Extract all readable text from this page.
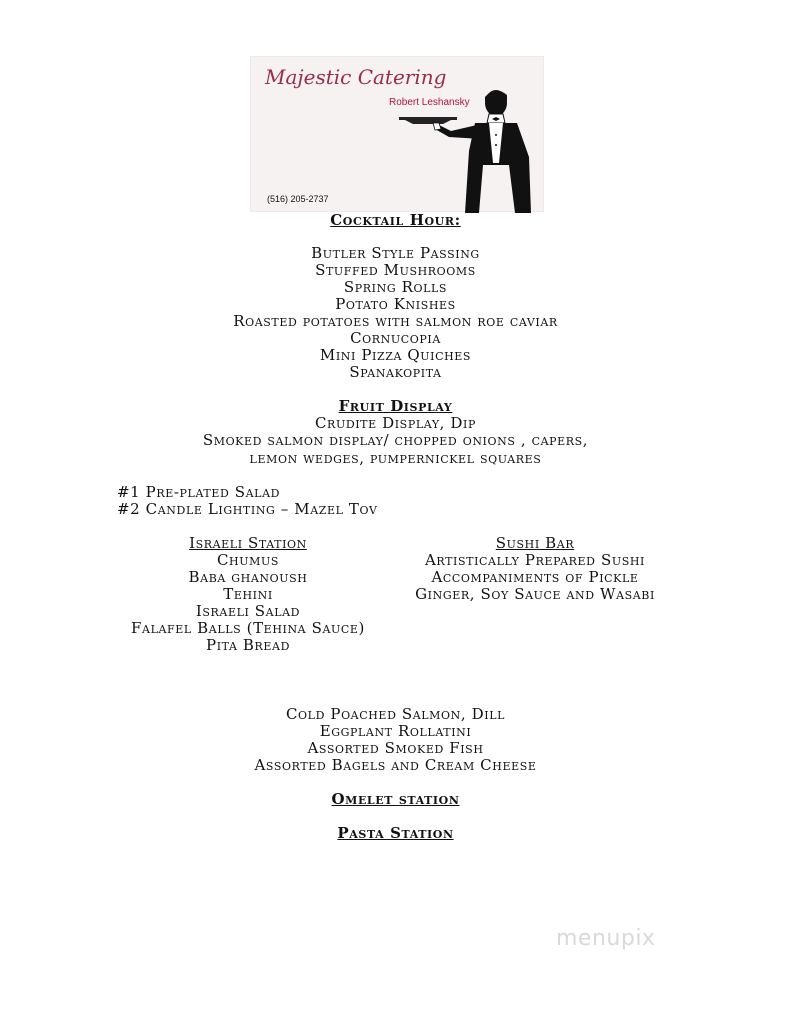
Majestic Catering
Robert Leshansky
(516) 205-2737
Cocktail Hour:
Butler Style Passing
Stuffed Mushrooms
Spring Rolls
Potato Knishes
Roasted potatoes with salmon roe caviar
Cornucopia
Mini Pizza Quiches
Spanakopita
Fruit Display
Crudite Display, Dip
Smoked salmon display/ chopped onions , capers,
lemon wedges, pumpernickel squares
#1 Pre-plated Salad
#2 Candle Lighting – Mazel Tov
Israeli Station
Chumus
Baba ghanoush
Tehini
Israeli Salad
Falafel Balls (Tehina Sauce)
Pita Bread
Sushi Bar
Artistically Prepared Sushi
Accompaniments of Pickle
Ginger, Soy Sauce and Wasabi
Cold Poached Salmon, Dill
Eggplant Rollatini
Assorted Smoked Fish
Assorted Bagels and Cream Cheese
Omelet station
Pasta Station
menupix
